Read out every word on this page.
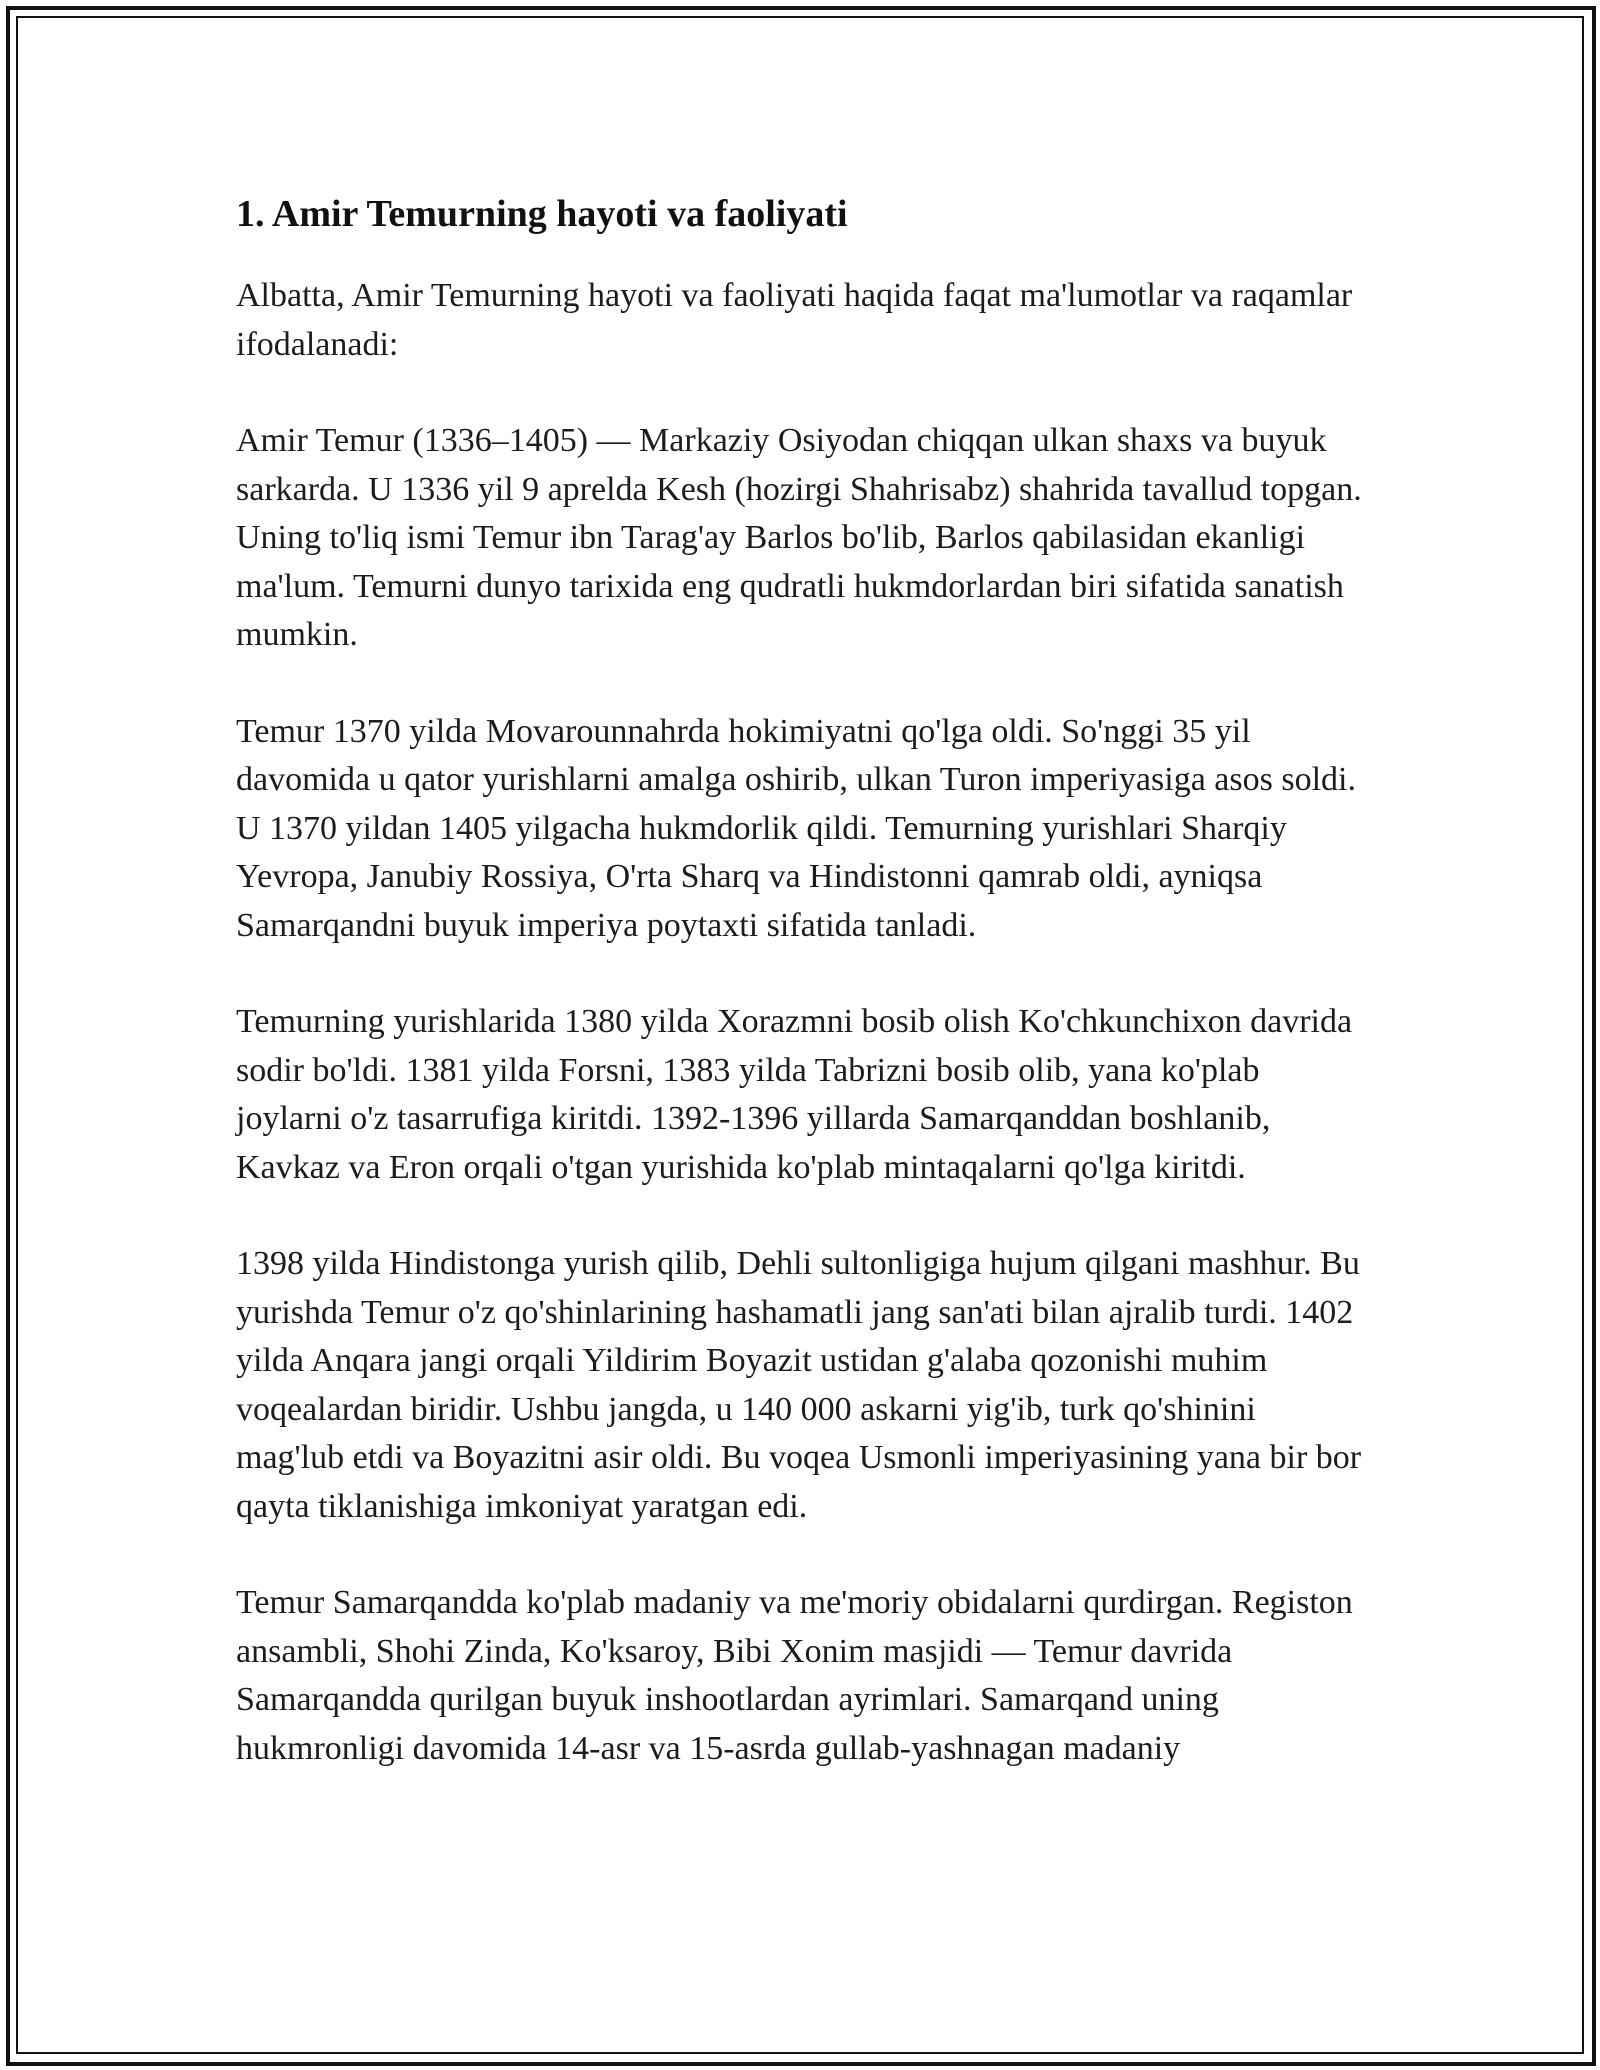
1. Amir Temurning hayoti va faoliyati

Albatta, Amir Temurning hayoti va faoliyati haqida faqat ma'lumotlar va raqamlar ifodalanadi:

Amir Temur (1336–1405) — Markaziy Osiyodan chiqqan ulkan shaxs va buyuk sarkarda. U 1336 yil 9 aprelda Kesh (hozirgi Shahrisabz) shahrida tavallud topgan. Uning to'liq ismi Temur ibn Tarag'ay Barlos bo'lib, Barlos qabilasidan ekanligi ma'lum. Temurni dunyo tarixida eng qudratli hukmdorlardan biri sifatida sanatish mumkin.

Temur 1370 yilda Movarounnahrda hokimiyatni qo'lga oldi. So'nggi 35 yil davomida u qator yurishlarni amalga oshirib, ulkan Turon imperiyasiga asos soldi. U 1370 yildan 1405 yilgacha hukmdorlik qildi. Temurning yurishlari Sharqiy Yevropa, Janubiy Rossiya, O'rta Sharq va Hindistonni qamrab oldi, ayniqsa Samarqandni buyuk imperiya poytaxti sifatida tanladi.

Temurning yurishlarida 1380 yilda Xorazmni bosib olish Ko'chkunchixon davrida sodir bo'ldi. 1381 yilda Forsni, 1383 yilda Tabrizni bosib olib, yana ko'plab joylarni o'z tasarrufiga kiritdi. 1392-1396 yillarda Samarqanddan boshlanib, Kavkaz va Eron orqali o'tgan yurishida ko'plab mintaqalarni qo'lga kiritdi.

1398 yilda Hindistonga yurish qilib, Dehli sultonligiga hujum qilgani mashhur. Bu yurishda Temur o'z qo'shinlarining hashamatli jang san'ati bilan ajralib turdi. 1402 yilda Anqara jangi orqali Yildirim Boyazit ustidan g'alaba qozonishi muhim voqealardan biridir. Ushbu jangda, u 140 000 askarni yig'ib, turk qo'shinini mag'lub etdi va Boyazitni asir oldi. Bu voqea Usmonli imperiyasining yana bir bor qayta tiklanishiga imkoniyat yaratgan edi.

Temur Samarqandda ko'plab madaniy va me'moriy obidalarni qurdirgan. Registon ansambli, Shohi Zinda, Ko'ksaroy, Bibi Xonim masjidi — Temur davrida Samarqandda qurilgan buyuk inshootlardan ayrimlari. Samarqand uning hukmronligi davomida 14-asr va 15-asrda gullab-yashnagan madaniy
